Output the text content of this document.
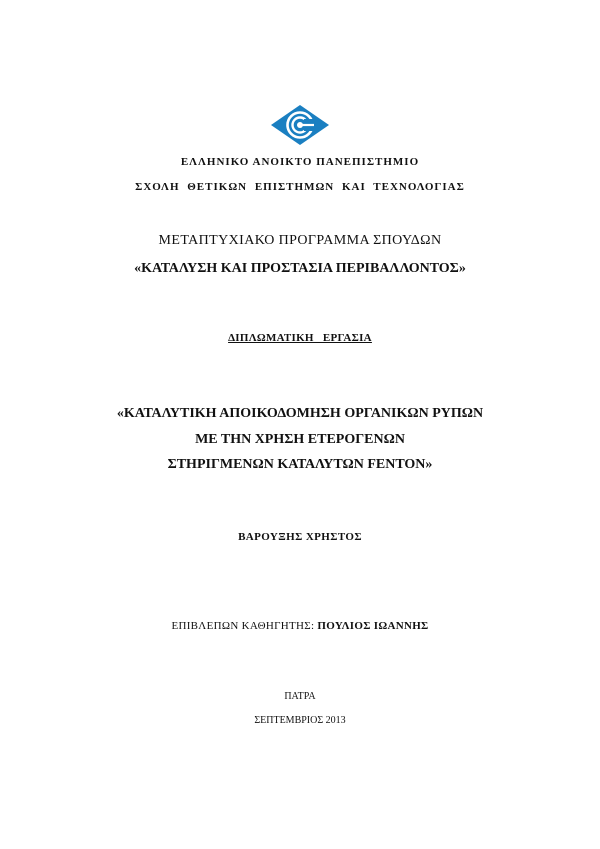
ΕΛΛΗΝΙΚΟ ΑΝΟΙΚΤΟ ΠΑΝΕΠΙΣΤΗΜΙΟ
ΣΧΟΛΗ ΘΕΤΙΚΩΝ ΕΠΙΣΤΗΜΩΝ ΚΑΙ ΤΕΧΝΟΛΟΓΙΑΣ
ΜΕΤΑΠΤΥΧΙΑΚΟ ΠΡΟΓΡΑΜΜΑ ΣΠΟΥΔΩΝ
«ΚΑΤΑΛΥΣΗ ΚΑΙ ΠΡΟΣΤΑΣΙΑ ΠΕΡΙΒΑΛΛΟΝΤΟΣ»
ΔΙΠΛΩΜΑΤΙΚΗ ΕΡΓΑΣΙΑ
«ΚΑΤΑΛΥΤΙΚΗ ΑΠΟΙΚΟΔΟΜΗΣΗ ΟΡΓΑΝΙΚΩΝ ΡΥΠΩΝ
ΜΕ ΤΗΝ ΧΡΗΣΗ ΕΤΕΡΟΓΕΝΩΝ
ΣΤΗΡΙΓΜΕΝΩΝ ΚΑΤΑΛΥΤΩΝ FENTON»
ΒΑΡΟΥΞΗΣ ΧΡΗΣΤΟΣ
ΕΠΙΒΛΕΠΩΝ ΚΑΘΗΓΗΤΗΣ: ΠΟΥΛΙΟΣ ΙΩΑΝΝΗΣ
ΠΑΤΡΑ
ΣΕΠΤΕΜΒΡΙΟΣ 2013
